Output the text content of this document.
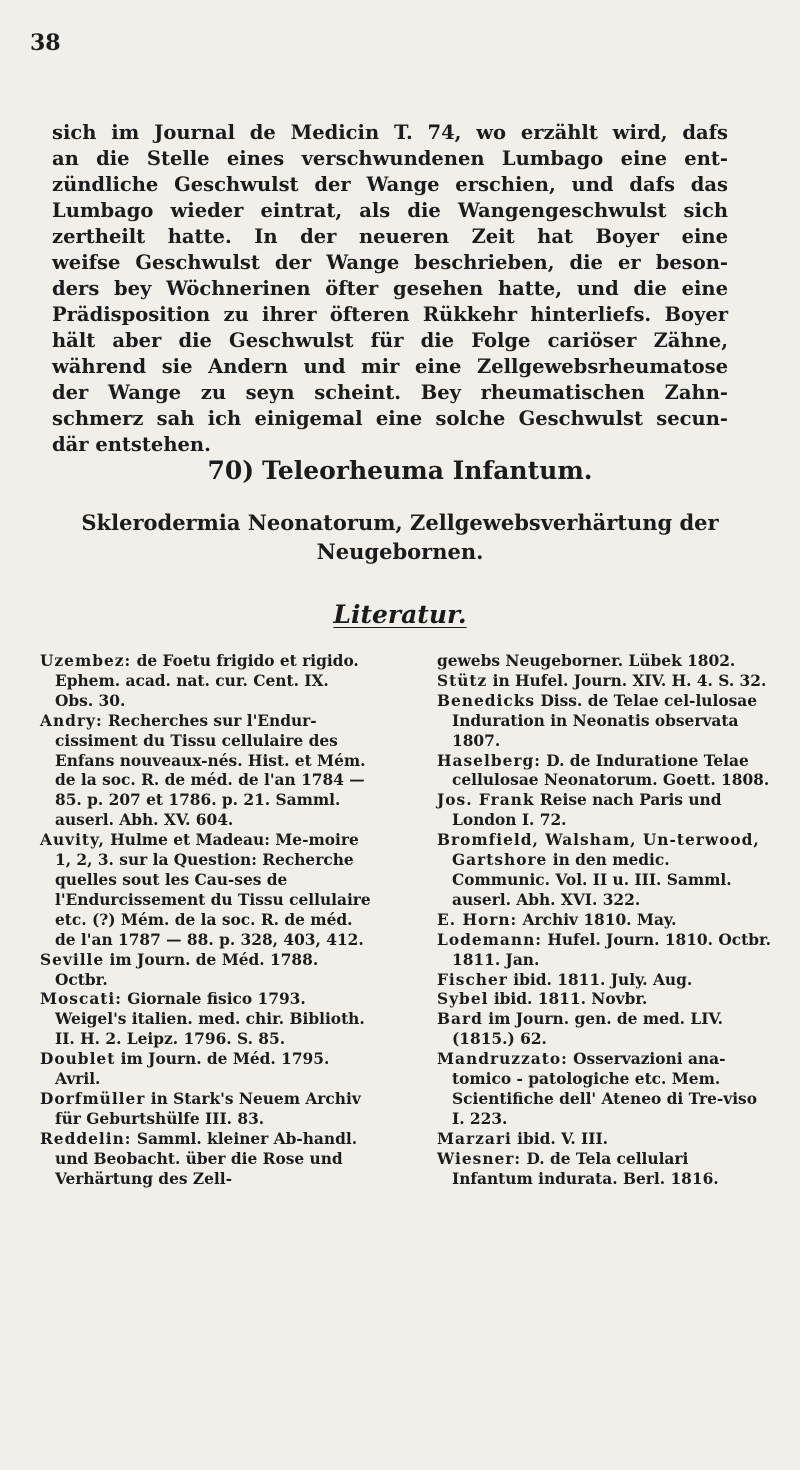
38
sich im Journal de Medicin T. 74, wo erzählt wird, dafs
an die Stelle eines verschwundenen Lumbago eine ent-
zündliche Geschwulst der Wange erschien, und dafs das
Lumbago wieder eintrat, als die Wangengeschwulst sich
zertheilt hatte. In der neueren Zeit hat Boyer eine
weifse Geschwulst der Wange beschrieben, die er beson-
ders bey Wöchnerinen öfter gesehen hatte, und die eine
Prädisposition zu ihrer öfteren Rükkehr hinterliefs. Boyer
hält aber die Geschwulst für die Folge cariöser Zähne,
während sie Andern und mir eine Zellgewebsrheumatose
der Wange zu seyn scheint. Bey rheumatischen Zahn-
schmerz sah ich einigemal eine solche Geschwulst secun-
där entstehen.
70) Teleorheuma Infantum.
Sklerodermia Neonatorum, Zellgewebsverhärtung der
Neugebornen.
Literatur.
Uzembez: de Foetu frigido et rigido. Ephem. acad. nat. cur. Cent. IX. Obs. 30.
Andry: Recherches sur l'Endur-cissiment du Tissu cellulaire des Enfans nouveaux-nés. Hist. et Mém. de la soc. R. de méd. de l'an 1784 — 85. p. 207 et 1786. p. 21. Samml. auserl. Abh. XV. 604.
Auvity, Hulme et Madeau: Me-moire 1, 2, 3. sur la Question: Recherche quelles sout les Cau-ses de l'Endurcissement du Tissu cellulaire etc. (?) Mém. de la soc. R. de méd. de l'an 1787 — 88. p. 328, 403, 412.
Seville im Journ. de Méd. 1788. Octbr.
Moscati: Giornale fisico 1793. Weigel's italien. med. chir. Biblioth. II. H. 2. Leipz. 1796. S. 85.
Doublet im Journ. de Méd. 1795. Avril.
Dorfmüller in Stark's Neuem Archiv für Geburtshülfe III. 83.
Reddelin: Samml. kleiner Ab-handl. und Beobacht. über die Rose und Verhärtung des Zell-
gewebs Neugeborner. Lübek 1802.
Stütz in Hufel. Journ. XIV. H. 4. S. 32.
Benedicks Diss. de Telae cel-lulosae Induration in Neonatis observata 1807.
Haselberg: D. de Induratione Telae cellulosae Neonatorum. Goett. 1808.
Jos. Frank Reise nach Paris und London I. 72.
Bromfield, Walsham, Un-terwood, Gartshore in den medic. Communic. Vol. II u. III. Samml. auserl. Abh. XVI. 322.
E. Horn: Archiv 1810. May.
Lodemann: Hufel. Journ. 1810. Octbr. 1811. Jan.
Fischer ibid. 1811. July. Aug.
Sybel ibid. 1811. Novbr.
Bard im Journ. gen. de med. LIV. (1815.) 62.
Mandruzzato: Osservazioni ana-tomico - patologiche etc. Mem. Scientifiche dell' Ateneo di Tre-viso I. 223.
Marzari ibid. V. III.
Wiesner: D. de Tela cellulari Infantum indurata. Berl. 1816.
